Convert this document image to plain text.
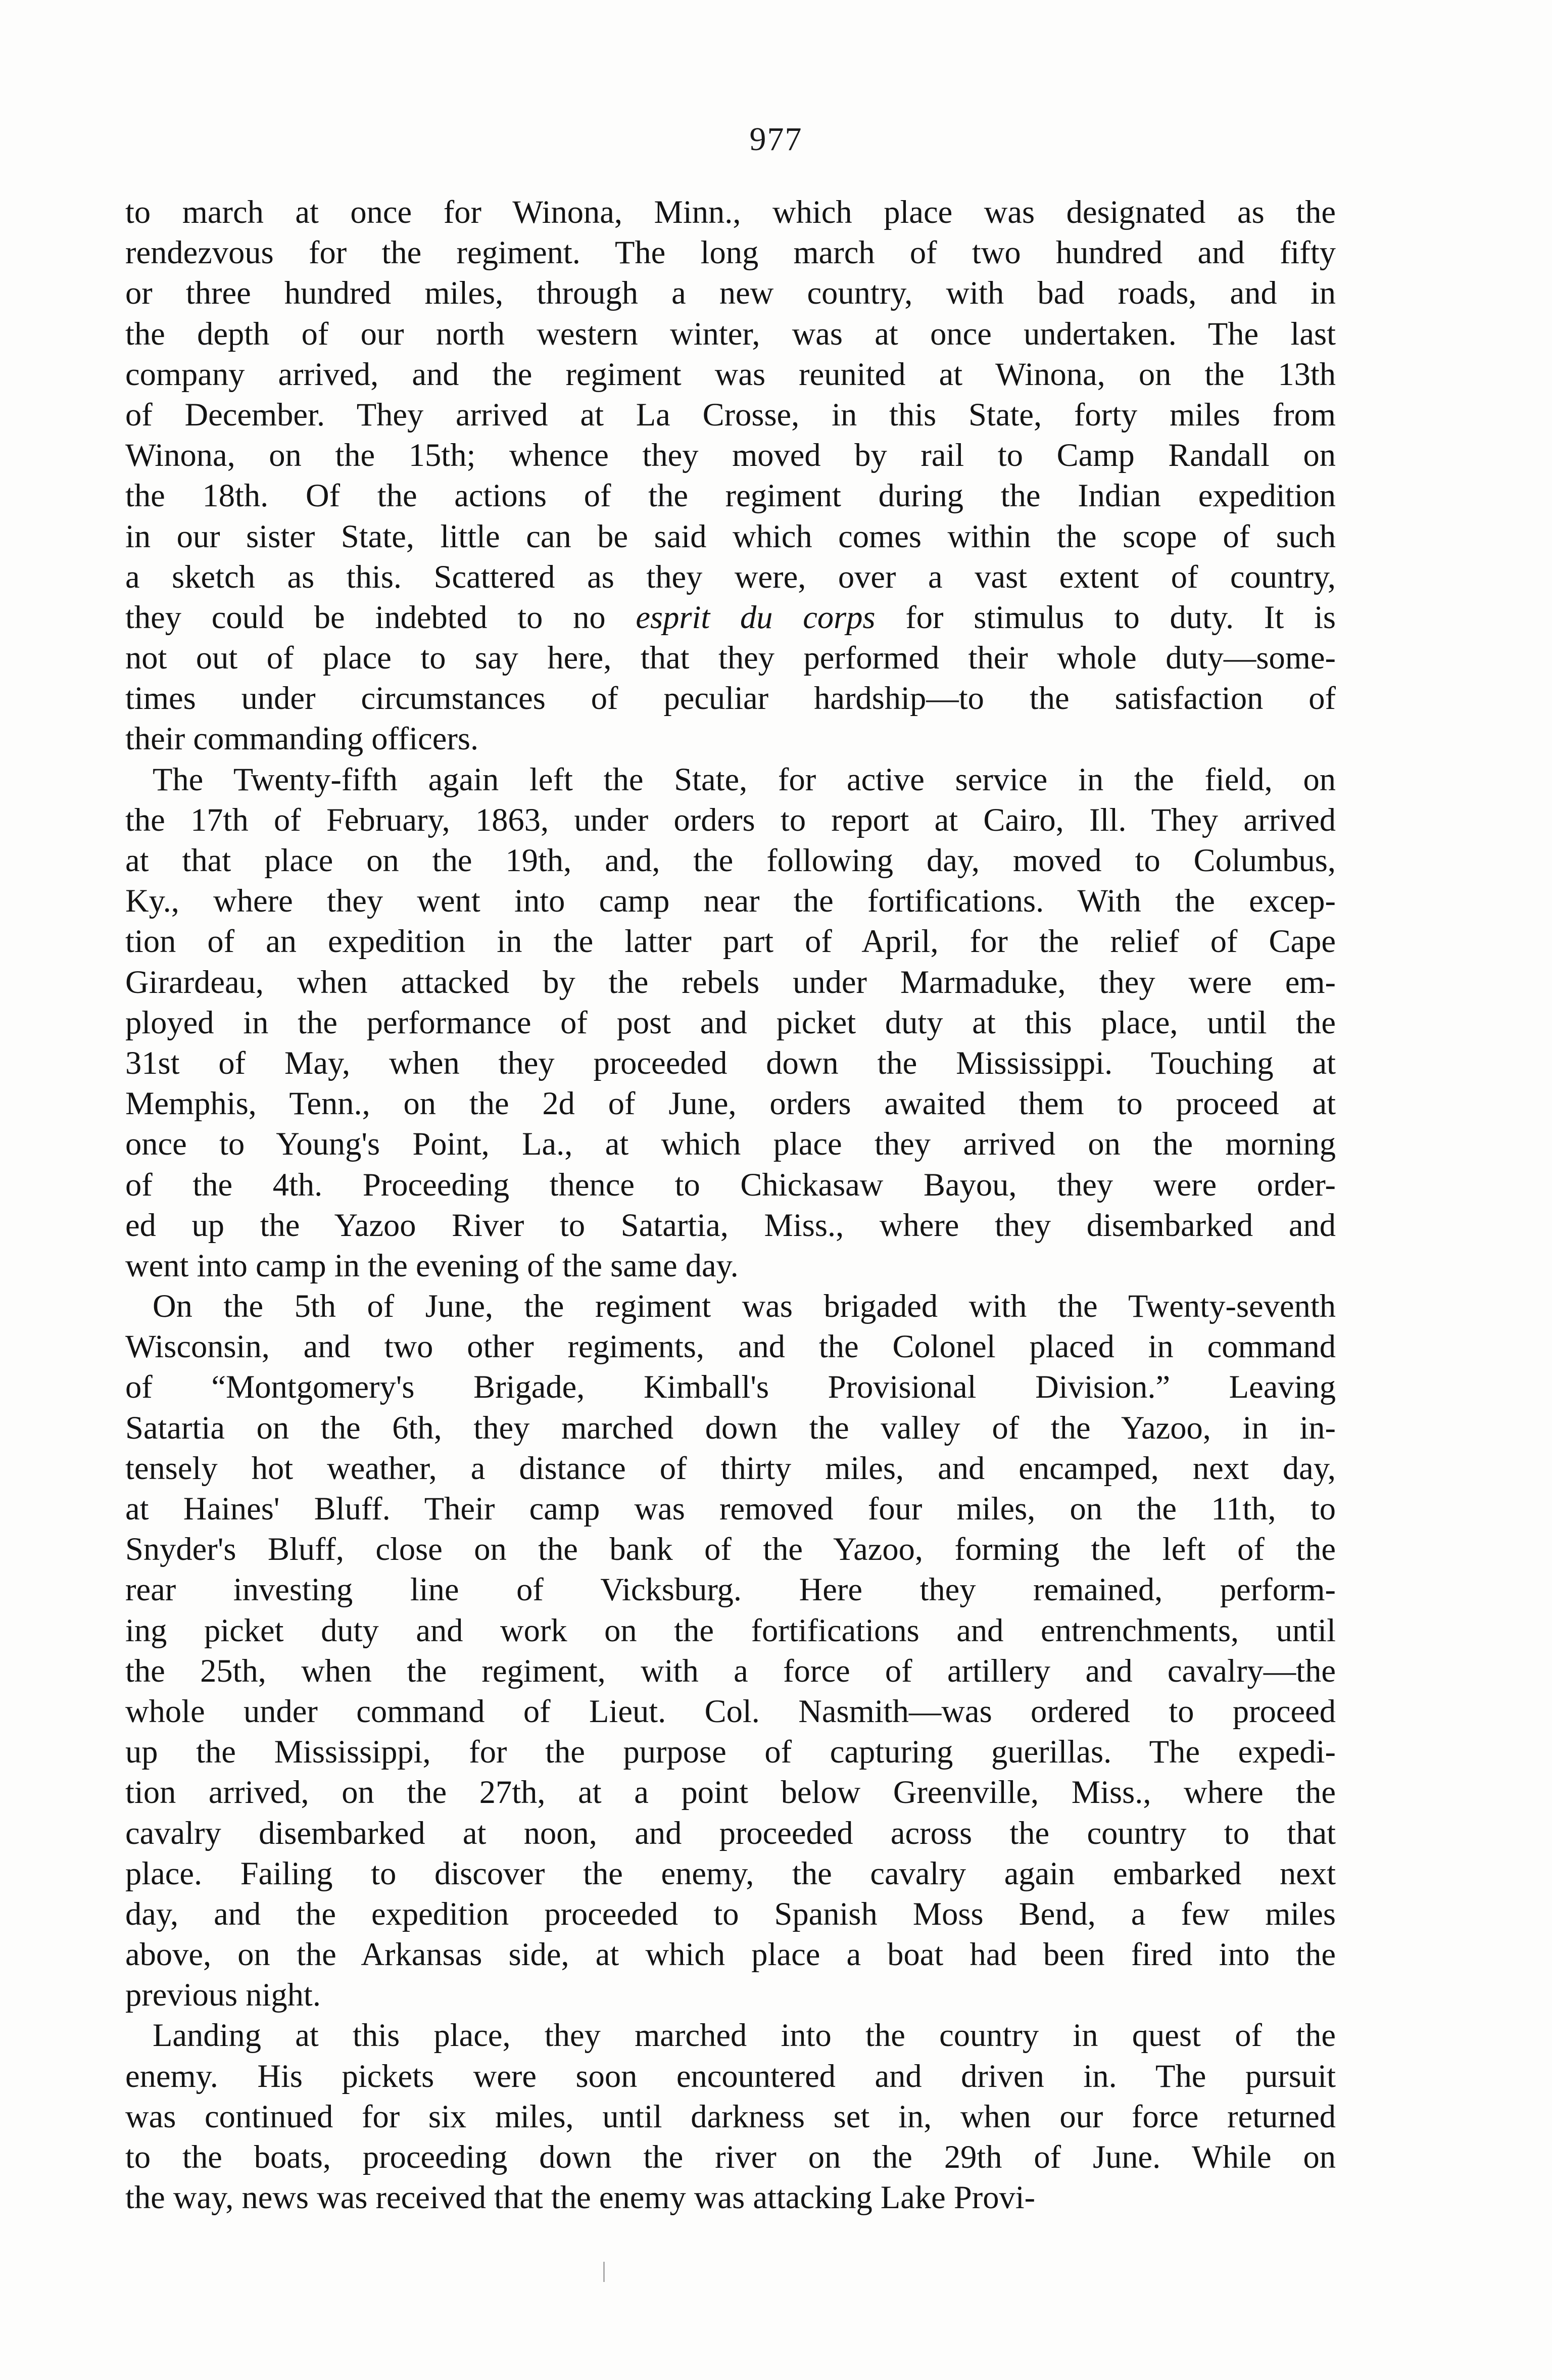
977
to march at once for Winona, Minn., which place was designated as the
rendezvous for the regiment. The long march of two hundred and fifty
or three hundred miles, through a new country, with bad roads, and in
the depth of our north western winter, was at once undertaken. The last
company arrived, and the regiment was reunited at Winona, on the 13th
of December. They arrived at La Crosse, in this State, forty miles from
Winona, on the 15th; whence they moved by rail to Camp Randall on
the 18th. Of the actions of the regiment during the Indian expedition
in our sister State, little can be said which comes within the scope of such
a sketch as this. Scattered as they were, over a vast extent of country,
they could be indebted to no esprit du corps for stimulus to duty. It is
not out of place to say here, that they performed their whole duty—some-
times under circumstances of peculiar hardship—to the satisfaction of
their commanding officers.
The Twenty-fifth again left the State, for active service in the field, on
the 17th of February, 1863, under orders to report at Cairo, Ill. They arrived
at that place on the 19th, and, the following day, moved to Columbus,
Ky., where they went into camp near the fortifications. With the excep-
tion of an expedition in the latter part of April, for the relief of Cape
Girardeau, when attacked by the rebels under Marmaduke, they were em-
ployed in the performance of post and picket duty at this place, until the
31st of May, when they proceeded down the Mississippi. Touching at
Memphis, Tenn., on the 2d of June, orders awaited them to proceed at
once to Young's Point, La., at which place they arrived on the morning
of the 4th. Proceeding thence to Chickasaw Bayou, they were order-
ed up the Yazoo River to Satartia, Miss., where they disembarked and
went into camp in the evening of the same day.
On the 5th of June, the regiment was brigaded with the Twenty-seventh
Wisconsin, and two other regiments, and the Colonel placed in command
of “Montgomery's Brigade, Kimball's Provisional Division.” Leaving
Satartia on the 6th, they marched down the valley of the Yazoo, in in-
tensely hot weather, a distance of thirty miles, and encamped, next day,
at Haines' Bluff. Their camp was removed four miles, on the 11th, to
Snyder's Bluff, close on the bank of the Yazoo, forming the left of the
rear investing line of Vicksburg. Here they remained, perform-
ing picket duty and work on the fortifications and entrenchments, until
the 25th, when the regiment, with a force of artillery and cavalry—the
whole under command of Lieut. Col. Nasmith—was ordered to proceed
up the Mississippi, for the purpose of capturing guerillas. The expedi-
tion arrived, on the 27th, at a point below Greenville, Miss., where the
cavalry disembarked at noon, and proceeded across the country to that
place. Failing to discover the enemy, the cavalry again embarked next
day, and the expedition proceeded to Spanish Moss Bend, a few miles
above, on the Arkansas side, at which place a boat had been fired into the
previous night.
Landing at this place, they marched into the country in quest of the
enemy. His pickets were soon encountered and driven in. The pursuit
was continued for six miles, until darkness set in, when our force returned
to the boats, proceeding down the river on the 29th of June. While on
the way, news was received that the enemy was attacking Lake Provi-
